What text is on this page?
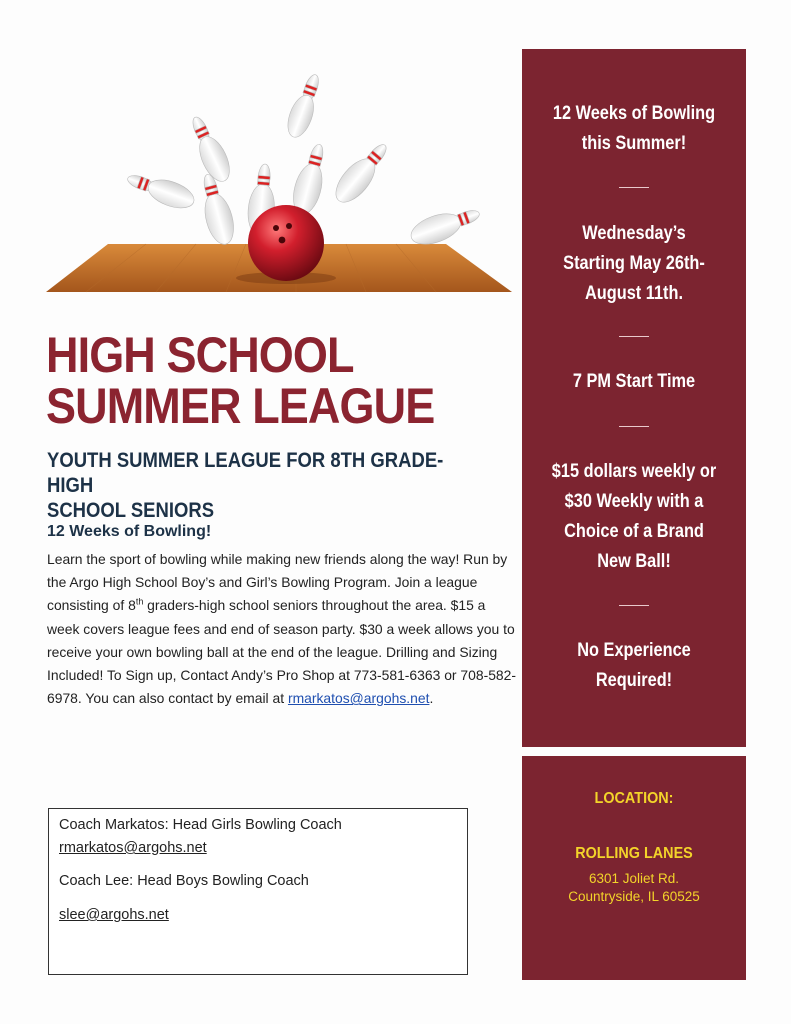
HIGH SCHOOL
SUMMER LEAGUE
YOUTH SUMMER LEAGUE FOR 8TH GRADE- HIGH
SCHOOL SENIORS
12 Weeks of Bowling!

Learn the sport of bowling while making new friends along the way! Run by the Argo High School Boy’s and Girl’s Bowling Program. Join a league consisting of 8th graders-high school seniors throughout the area. $15 a week covers league fees and end of season party. $30 a week allows you to receive your own bowling ball at the end of the league. Drilling and Sizing Included! To Sign up, Contact Andy’s Pro Shop at 773-581-6363 or 708-582-6978. You can also contact by email at rmarkatos@argohs.net.

Coach Markatos: Head Girls Bowling Coach
rmarkatos@argohs.net
Coach Lee: Head Boys Bowling Coach
slee@argohs.net
12 Weeks of Bowling
this Summer!
Wednesday’s
Starting May 26th-
August 11th.
7 PM Start Time
$15 dollars weekly or
$30 Weekly with a
Choice of a Brand
New Ball!
No Experience
Required!
LOCATION:
ROLLING LANES
6301 Joliet Rd.
Countryside, IL 60525
